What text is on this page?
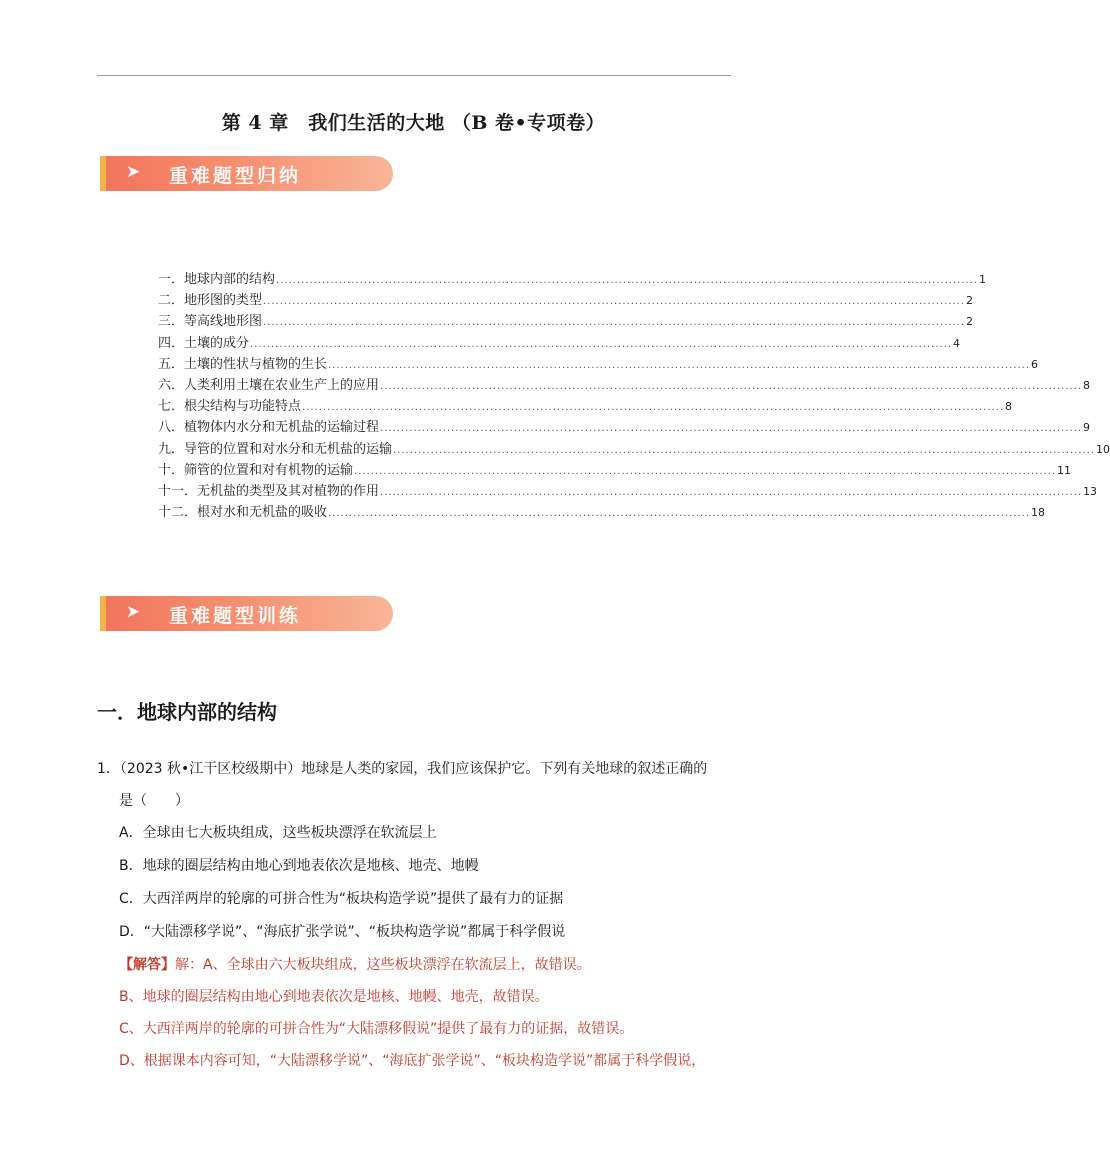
第 4 章　我们生活的大地 （B 卷•专项卷）
➤ 重难题型归纳
一．地球内部的结构 ........................................................................................................................................................................ 1
二．地形图的类型 ........................................................................................................................................................................ 2
三．等高线地形图 ........................................................................................................................................................................ 2
四．土壤的成分 ........................................................................................................................................................................ 4
五．土壤的性状与植物的生长 ........................................................................................................................................................................ 6
六．人类利用土壤在农业生产上的应用 ........................................................................................................................................................................ 8
七．根尖结构与功能特点 ........................................................................................................................................................................ 8
八．植物体内水分和无机盐的运输过程 ........................................................................................................................................................................ 9
九．导管的位置和对水分和无机盐的运输 ........................................................................................................................................................................ 10
十．筛管的位置和对有机物的运输 ........................................................................................................................................................................ 11
十一．无机盐的类型及其对植物的作用 ........................................................................................................................................................................ 13
十二．根对水和无机盐的吸收 ........................................................................................................................................................................ 18
➤ 重难题型训练
一．地球内部的结构
1．（2023 秋•江干区校级期中）地球是人类的家园，我们应该保护它。下列有关地球的叙述正确的
是（　　）
A．全球由七大板块组成，这些板块漂浮在软流层上
B．地球的圈层结构由地心到地表依次是地核、地壳、地幔
C．大西洋两岸的轮廓的可拼合性为“板块构造学说”提供了最有力的证据
D．“大陆漂移学说”、“海底扩张学说”、“板块构造学说”都属于科学假说
【解答】解：A、全球由六大板块组成，这些板块漂浮在软流层上，故错误。
B、地球的圈层结构由地心到地表依次是地核、地幔、地壳，故错误。
C、大西洋两岸的轮廓的可拼合性为“大陆漂移假说”提供了最有力的证据，故错误。
D、根据课本内容可知，“大陆漂移学说”、“海底扩张学说”、“板块构造学说”都属于科学假说，
